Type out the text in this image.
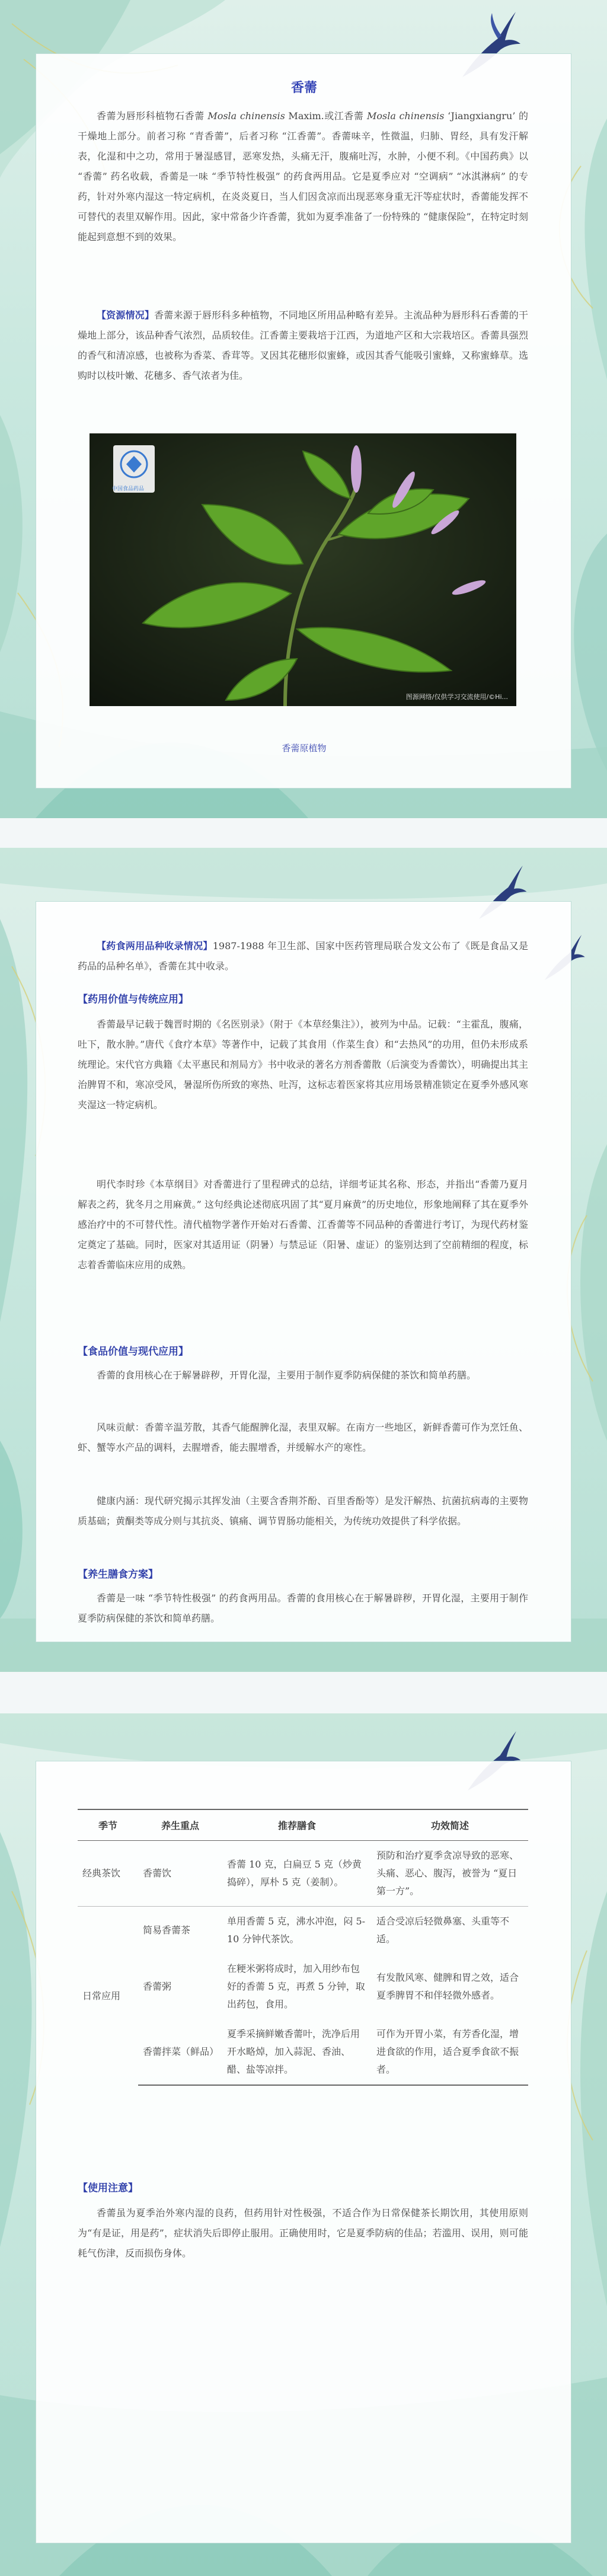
香薷

香薷为唇形科植物石香薷 Mosla chinensis Maxim.或江香薷 Mosla chinensis ‘Jiangxiangru’ 的干燥地上部分。前者习称 “青香薷”，后者习称 “江香薷”。香薷味辛，性微温，归肺、胃经，具有发汗解表，化湿和中之功，常用于暑湿感冒，恶寒发热，头痛无汗，腹痛吐泻，水肿，小便不利。《中国药典》以 “香薷” 药名收载，香薷是一味 “季节特性极强” 的药食两用品。它是夏季应对 “空调病” “冰淇淋病” 的专药，针对外寒内湿这一特定病机，在炎炎夏日，当人们因贪凉而出现恶寒身重无汗等症状时，香薷能发挥不可替代的表里双解作用。因此，家中常备少许香薷，犹如为夏季准备了一份特殊的 “健康保险”，在特定时刻能起到意想不到的效果。

【资源情况】香薷来源于唇形科多种植物，不同地区所用品种略有差异。主流品种为唇形科石香薷的干燥地上部分，该品种香气浓烈，品质较佳。江香薷主要栽培于江西，为道地产区和大宗栽培区。香薷具强烈的香气和清凉感，也被称为香菜、香茸等。叉因其花穗形似蜜蜂，或因其香气能吸引蜜蜂，又称蜜蜂草。选购时以枝叶嫩、花穗多、香气浓者为佳。

中国食品药品
图源网络/仅供学习交流使用/©Hi...
香薷原植物

【药食两用品种收录情况】1987-1988 年卫生部、国家中医药管理局联合发文公布了《既是食品又是药品的品种名单》，香薷在其中收录。

【药用价值与传统应用】

香薷最早记载于魏晋时期的《名医别录》（附于《本草经集注》），被列为中品。记载：“主霍乱，腹痛，吐下，散水肿。”唐代《食疗本草》等著作中，记载了其食用（作菜生食）和“去热风”的功用，但仍未形成系统理论。宋代官方典籍《太平惠民和剂局方》书中收录的著名方剂香薷散（后演变为香薷饮），明确提出其主治脾胃不和，寒凉受风，暑湿所伤所致的寒热、吐泻，这标志着医家将其应用场景精准锁定在夏季外感风寒夹湿这一特定病机。

明代李时珍《本草纲目》对香薷进行了里程碑式的总结，详细考证其名称、形态，并指出“香薷乃夏月解表之药，犹冬月之用麻黄。” 这句经典论述彻底巩固了其“夏月麻黄”的历史地位，形象地阐释了其在夏季外感治疗中的不可替代性。清代植物学著作开始对石香薷、江香薷等不同品种的香薷进行考订，为现代药材鉴定奠定了基础。同时，医家对其适用证（阴暑）与禁忌证（阳暑、虚证）的鉴别达到了空前精细的程度，标志着香薷临床应用的成熟。

【食品价值与现代应用】

香薷的食用核心在于解暑辟秽，开胃化湿，主要用于制作夏季防病保健的茶饮和简单药膳。

风味贡献：香薷辛温芳散，其香气能醒脾化湿，表里双解。在南方一些地区，新鲜香薷可作为烹饪鱼、虾、蟹等水产品的调料，去腥增香，能去腥增香，并缓解水产的寒性。

健康内涵：现代研究揭示其挥发油（主要含香荆芥酚、百里香酚等）是发汗解热、抗菌抗病毒的主要物质基础；黄酮类等成分则与其抗炎、镇痛、调节胃肠功能相关，为传统功效提供了科学依据。

【养生膳食方案】

香薷是一味 “季节特性极强” 的药食两用品。香薷的食用核心在于解暑辟秽，开胃化湿，主要用于制作夏季防病保健的茶饮和简单药膳。

季节	养生重点	推荐膳食	功效简述
经典茶饮	香薷饮	香薷 10 克，白扁豆 5 克（炒黄捣碎），厚朴 5 克（姜制）。	预防和治疗夏季贪凉导致的恶寒、头痛、恶心、腹泻，被誉为 “夏日第一方”。
日常应用	简易香薷茶	单用香薷 5 克，沸水冲泡，闷 5-10 分钟代茶饮。	适合受凉后轻微鼻塞、头重等不适。
	香薷粥	在粳米粥将成时，加入用纱布包好的香薷 5 克，再煮 5 分钟，取出药包，食用。	有发散风寒、健脾和胃之效，适合夏季脾胃不和伴轻微外感者。
	香薷拌菜（鲜品）	夏季采摘鲜嫩香薷叶，洗净后用开水略焯，加入蒜泥、香油、醋、盐等凉拌。	可作为开胃小菜，有芳香化湿，增进食欲的作用，适合夏季食欲不振者。
【使用注意】

香薷虽为夏季治外寒内湿的良药，但药用针对性极强，不适合作为日常保健茶长期饮用，其使用原则为“有是证，用是药”，症状消失后即停止服用。正确使用时，它是夏季防病的佳品；若滥用、误用，则可能耗气伤津，反而损伤身体。
